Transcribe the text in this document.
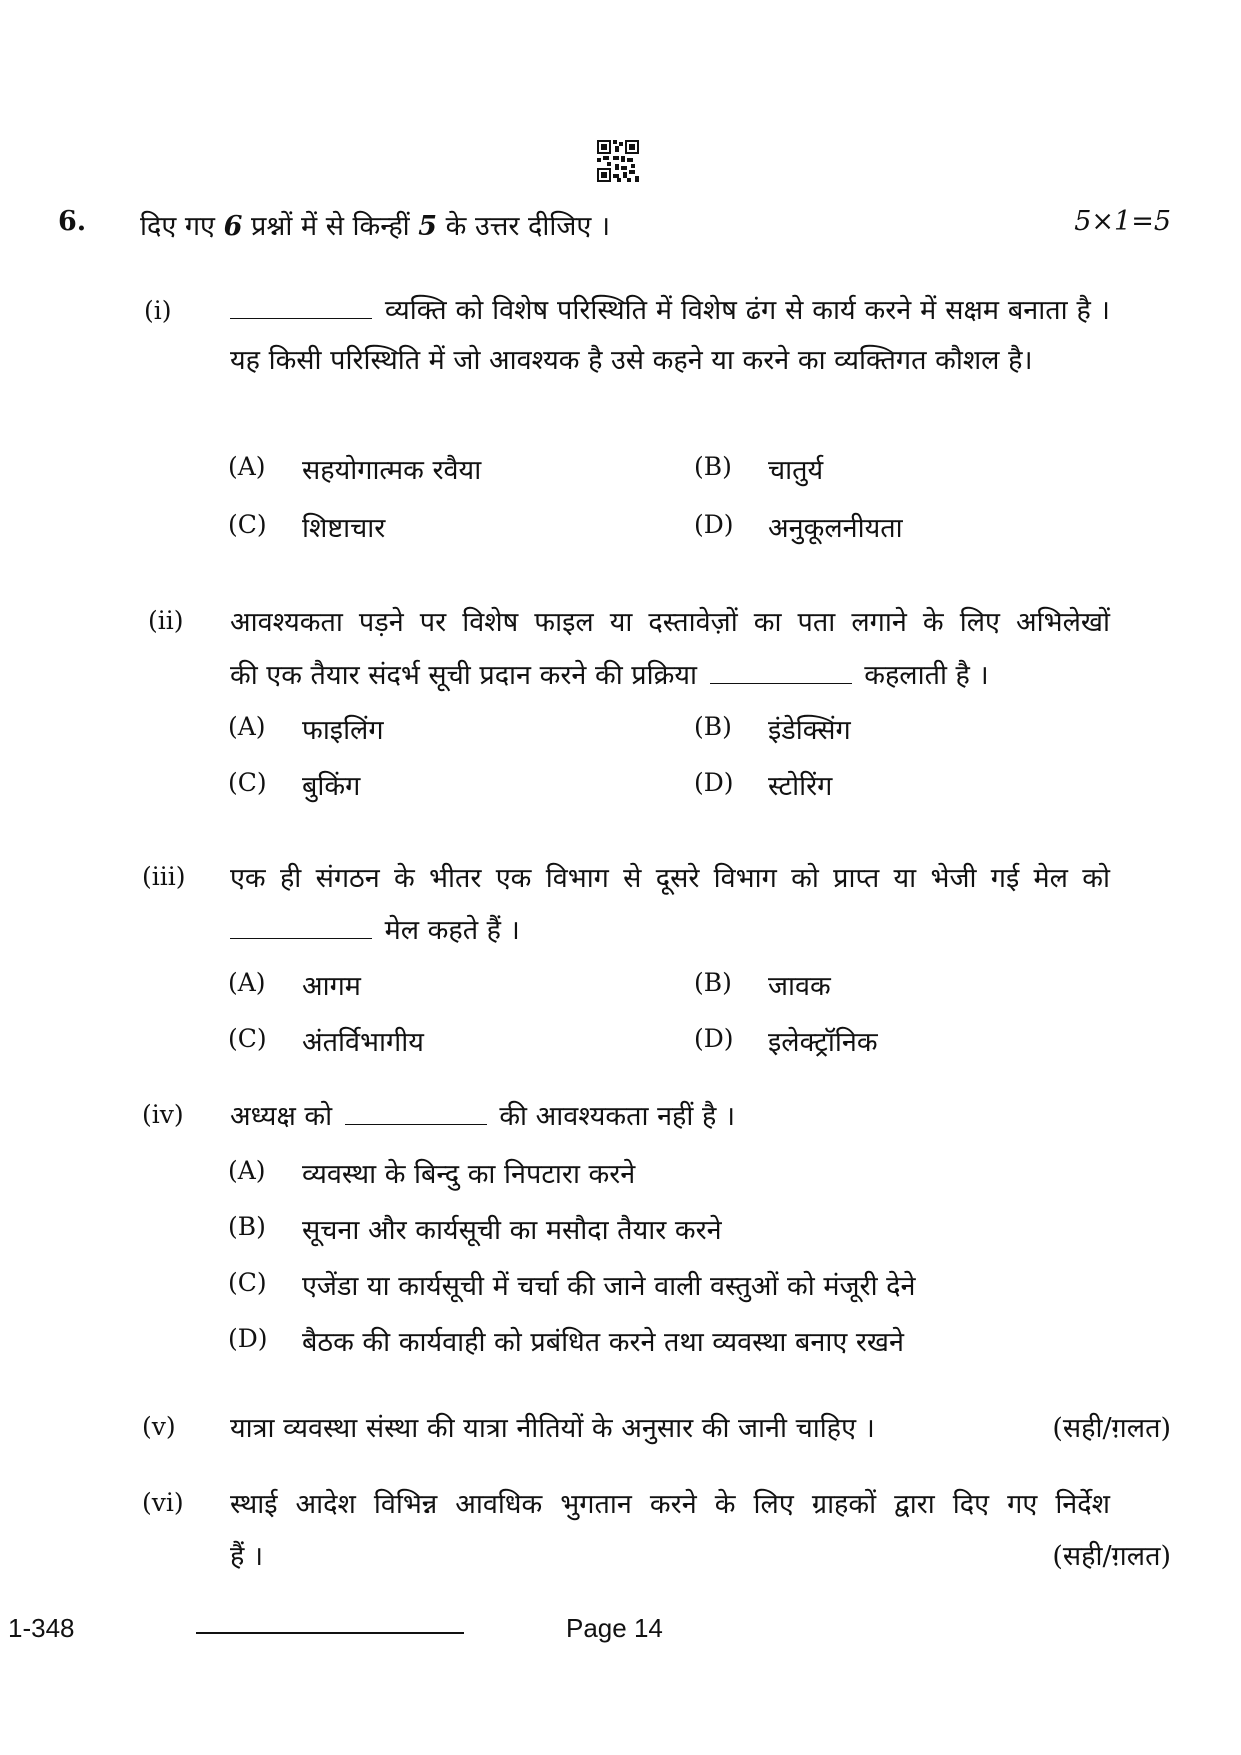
6. दिए गए 6 प्रश्नों में से किन्हीं 5 के उत्तर दीजिए ।	5×1=5
(i)	व्यक्ति को विशेष परिस्थिति में विशेष ढंग से कार्य करने में सक्षम बनाता है । यह किसी परिस्थिति में जो आवश्यक है उसे कहने या करने का व्यक्तिगत कौशल है।
(A) सहयोगात्मक रवैया	(B) चातुर्य
(C) शिष्टाचार	(D) अनुकूलनीयता
(ii) आवश्यकता पड़ने पर विशेष फाइल या दस्तावेज़ों का पता लगाने के लिए अभिलेखों
की एक तैयार संदर्भ सूची प्रदान करने की प्रक्रिया	कहलाती है ।
(A) फाइलिंग	(B) इंडेक्सिंग
(C) बुकिंग	(D) स्टोरिंग
(iii) एक ही संगठन के भीतर एक विभाग से दूसरे विभाग को प्राप्त या भेजी गई मेल को
मेल कहते हैं ।
(A) आगम	(B) जावक
(C) अंतर्विभागीय	(D) इलेक्ट्रॉनिक
(iv) अध्यक्ष को	की आवश्यकता नहीं है ।
(A) व्यवस्था के बिन्दु का निपटारा करने
(B) सूचना और कार्यसूची का मसौदा तैयार करने
(C) एजेंडा या कार्यसूची में चर्चा की जाने वाली वस्तुओं को मंजूरी देने
(D) बैठक की कार्यवाही को प्रबंधित करने तथा व्यवस्था बनाए रखने
(v) यात्रा व्यवस्था संस्था की यात्रा नीतियों के अनुसार की जानी चाहिए ।	(सही/ग़लत)
(vi) स्थाई आदेश विभिन्न आवधिक भुगतान करने के लिए ग्राहकों द्वारा दिए गए निर्देश
हैं ।	(सही/ग़लत)
1-348	Page 14
